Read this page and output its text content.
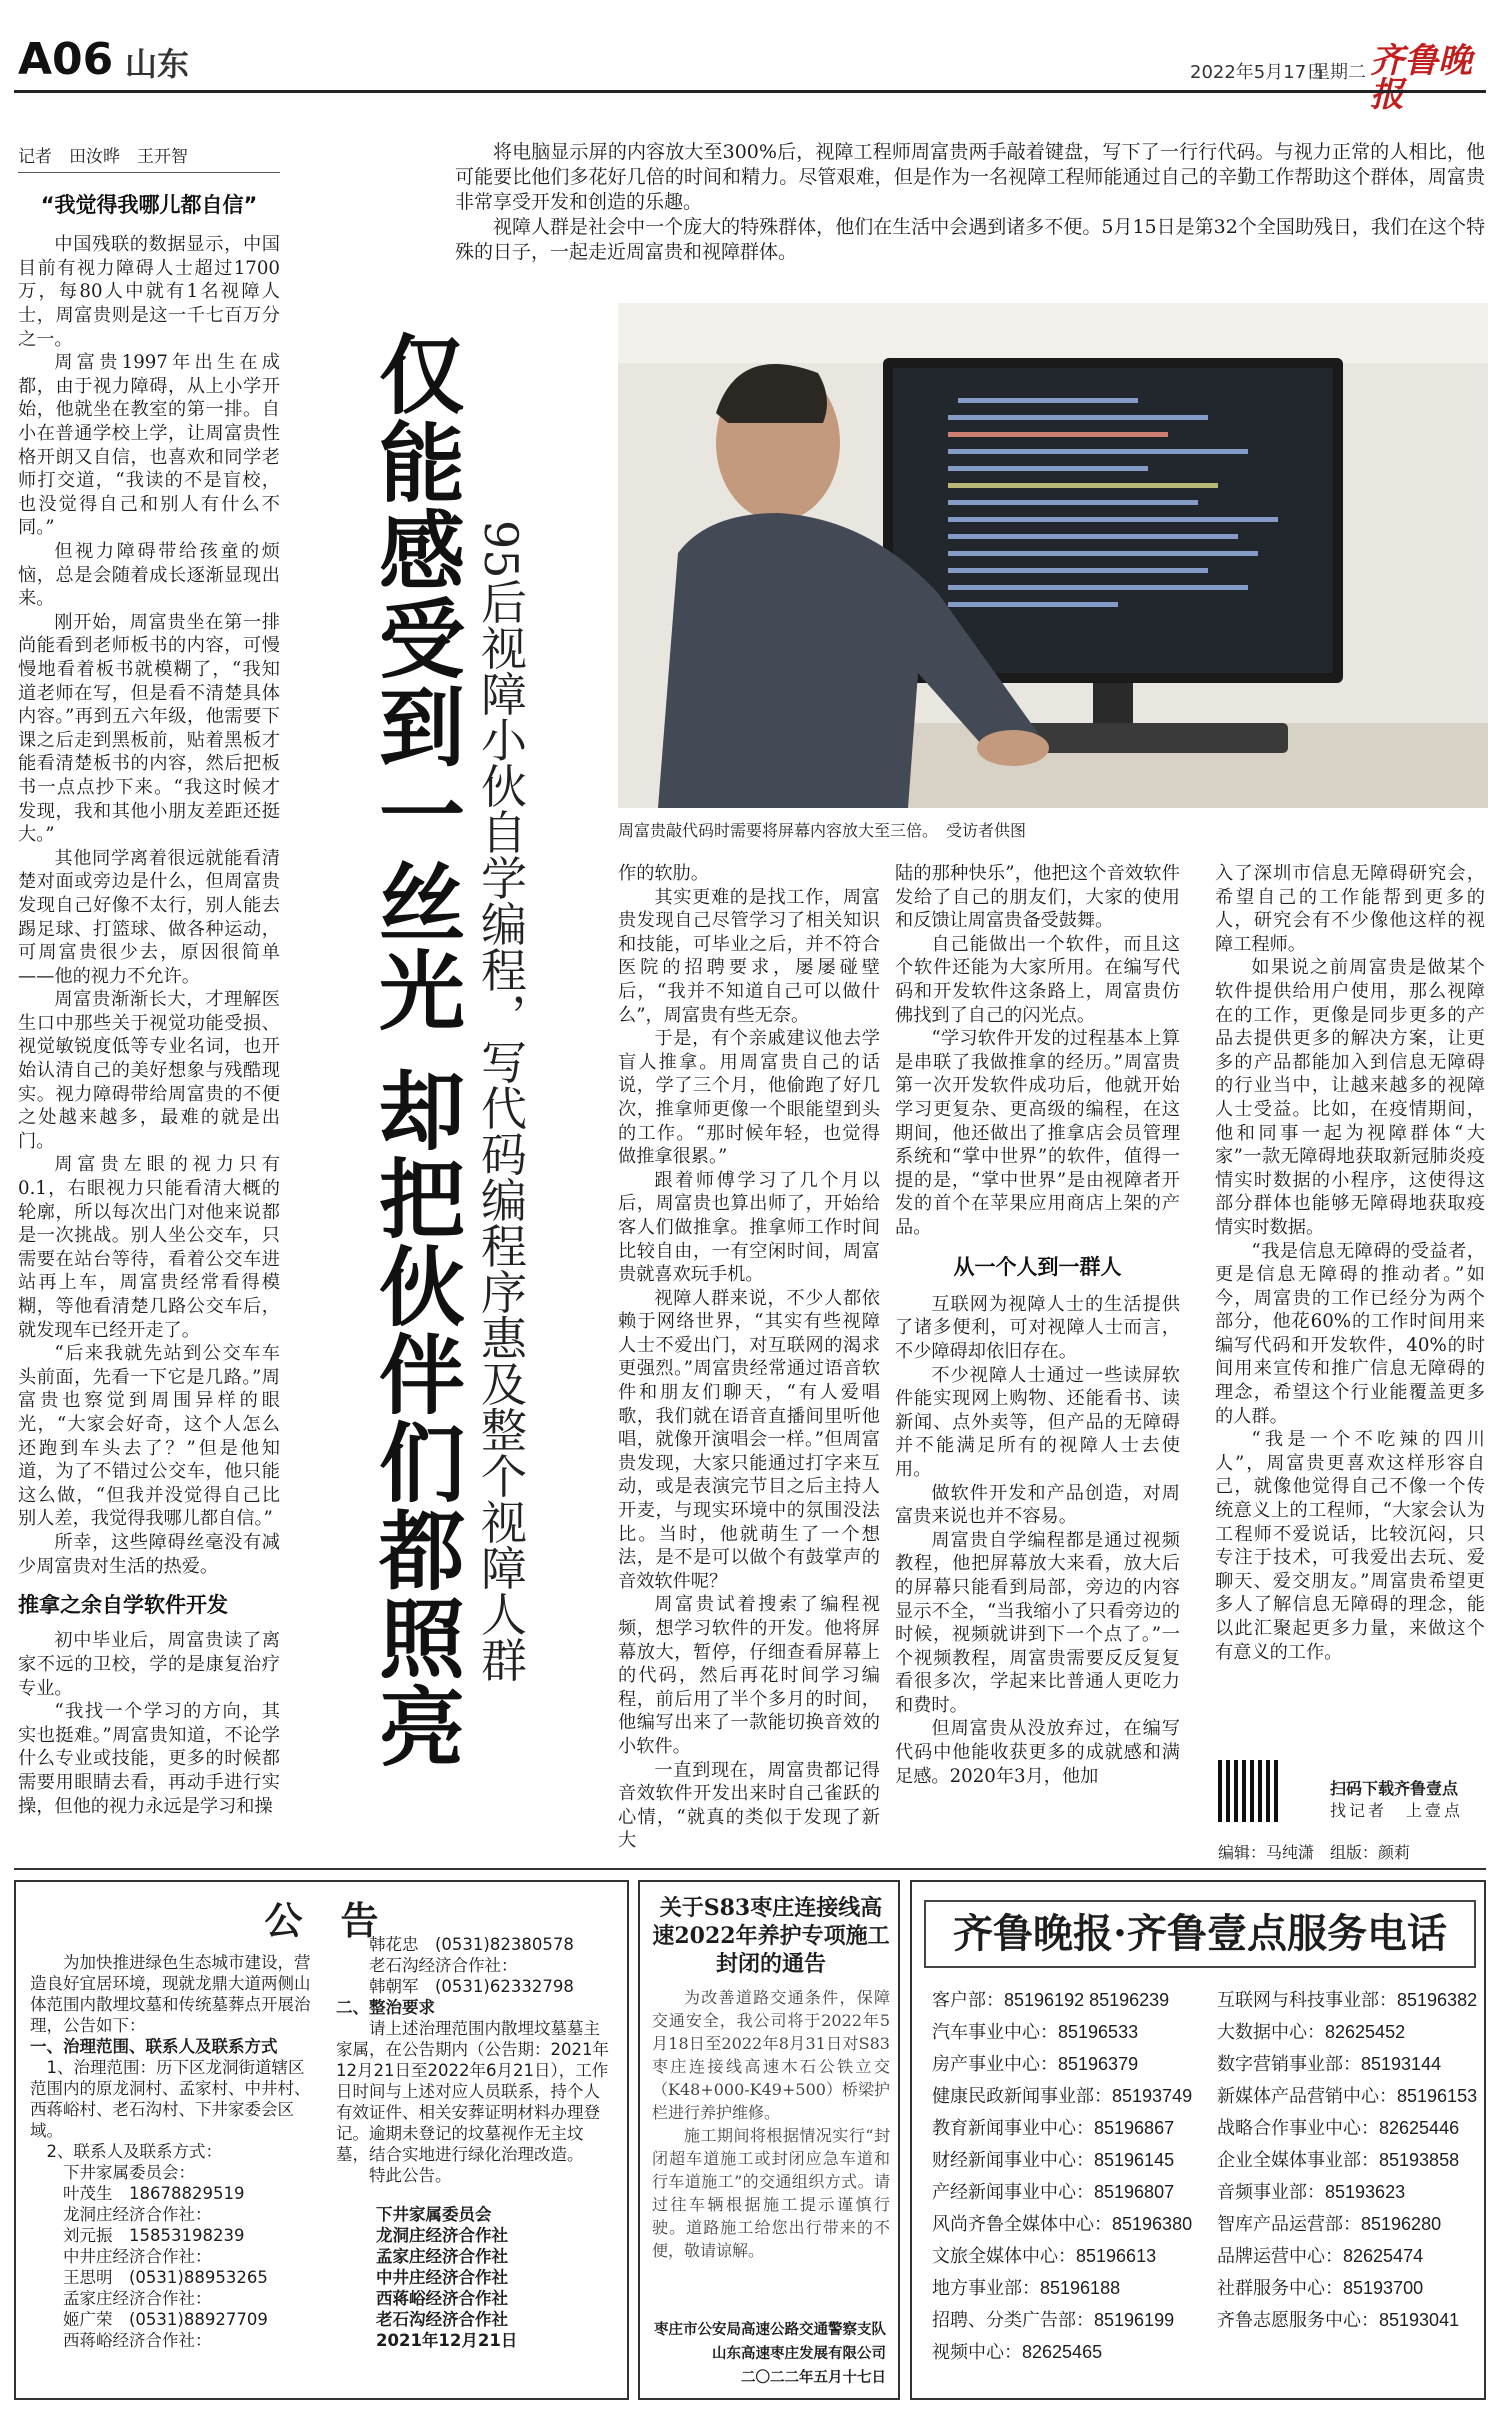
A06 山东	2022年5月17日
星期二 齐鲁晚报
记者　田汝晔　王开智	将电脑显示屏的内容放大至300%后，视障工程师周富贵两手敲着键盘，写下了一行行代码。与视力正常的人相比，他可能要比他们多花好几倍的时间和精力。尽管艰难，但是作为一名视障工程师能通过自己的辛勤工作帮助这个群体，周富贵非常享受开发和创造的乐趣。

视障人群是社会中一个庞大的特殊群体，他们在生活中会遇到诸多不便。5月15日是第32个全国助残日，我们在这个特殊的日子，一起走近周富贵和视障群体。

“我觉得我哪儿都自信”

中国残联的数据显示，中国目前有视力障碍人士超过1700万，每80人中就有1名视障人士，周富贵则是这一千七百万分之一。

周富贵1997年出生在成都，由于视力障碍，从上小学开始，他就坐在教室的第一排。自小在普通学校上学，让周富贵性格开朗又自信，也喜欢和同学老师打交道，“我读的不是盲校，也没觉得自己和别人有什么不同。”

但视力障碍带给孩童的烦恼，总是会随着成长逐渐显现出来。

刚开始，周富贵坐在第一排尚能看到老师板书的内容，可慢慢地看着板书就模糊了，“我知道老师在写，但是看不清楚具体内容。”再到五六年级，他需要下课之后走到黑板前，贴着黑板才能看清楚板书的内容，然后把板书一点点抄下来。“我这时候才发现，我和其他小朋友差距还挺大。”

其他同学离着很远就能看清楚对面或旁边是什么，但周富贵发现自己好像不太行，别人能去踢足球、打篮球、做各种运动，可周富贵很少去，原因很简单——他的视力不允许。

周富贵渐渐长大，才理解医生口中那些关于视觉功能受损、视觉敏锐度低等专业名词，也开始认清自己的美好想象与残酷现实。视力障碍带给周富贵的不便之处越来越多，最难的就是出门。

周富贵左眼的视力只有0.1，右眼视力只能看清大概的轮廓，所以每次出门对他来说都是一次挑战。别人坐公交车，只需要在站台等待，看着公交车进站再上车，周富贵经常看得模糊，等他看清楚几路公交车后，就发现车已经开走了。

“后来我就先站到公交车车头前面，先看一下它是几路。”周富贵也察觉到周围异样的眼光，“大家会好奇，这个人怎么还跑到车头去了？”但是他知道，为了不错过公交车，他只能这么做，“但我并没觉得自己比别人差，我觉得我哪儿都自信。”

所幸，这些障碍丝毫没有减少周富贵对生活的热爱。

推拿之余自学软件开发

初中毕业后，周富贵读了离家不远的卫校，学的是康复治疗专业。

“我找一个学习的方向，其实也挺难。”周富贵知道，不论学什么专业或技能，更多的时候都需要用眼睛去看，再动手进行实操，但他的视力永远是学习和操

仅能感受到一丝光 却把伙伴们都照亮 95后视障小伙自学编程，写代码编程序惠及整个视障人群	周富贵敲代码时需要将屏幕内容放大至三倍。　受访者供图

作的软肋。

其实更难的是找工作，周富贵发现自己尽管学习了相关知识和技能，可毕业之后，并不符合医院的招聘要求，屡屡碰壁后，“我并不知道自己可以做什么”，周富贵有些无奈。

于是，有个亲戚建议他去学盲人推拿。用周富贵自己的话说，学了三个月，他偷跑了好几次，推拿师更像一个眼能望到头的工作。“那时候年轻，也觉得做推拿很累。”

跟着师傅学习了几个月以后，周富贵也算出师了，开始给客人们做推拿。推拿师工作时间比较自由，一有空闲时间，周富贵就喜欢玩手机。

视障人群来说，不少人都依赖于网络世界，“其实有些视障人士不爱出门，对互联网的渴求更强烈。”周富贵经常通过语音软件和朋友们聊天，“有人爱唱歌，我们就在语音直播间里听他唱，就像开演唱会一样。”但周富贵发现，大家只能通过打字来互动，或是表演完节目之后主持人开麦，与现实环境中的氛围没法比。当时，他就萌生了一个想法，是不是可以做个有鼓掌声的音效软件呢？

周富贵试着搜索了编程视频，想学习软件的开发。他将屏幕放大，暂停，仔细查看屏幕上的代码，然后再花时间学习编程，前后用了半个多月的时间，他编写出来了一款能切换音效的小软件。

一直到现在，周富贵都记得音效软件开发出来时自己雀跃的心情，“就真的类似于发现了新大

陆的那种快乐”，他把这个音效软件发给了自己的朋友们，大家的使用和反馈让周富贵备受鼓舞。

自己能做出一个软件，而且这个软件还能为大家所用。在编写代码和开发软件这条路上，周富贵仿佛找到了自己的闪光点。

“学习软件开发的过程基本上算是串联了我做推拿的经历。”周富贵第一次开发软件成功后，他就开始学习更复杂、更高级的编程，在这期间，他还做出了推拿店会员管理系统和“掌中世界”的软件，值得一提的是，“掌中世界”是由视障者开发的首个在苹果应用商店上架的产品。

从一个人到一群人

互联网为视障人士的生活提供了诸多便利，可对视障人士而言，不少障碍却依旧存在。

不少视障人士通过一些读屏软件能实现网上购物、还能看书、读新闻、点外卖等，但产品的无障碍并不能满足所有的视障人士去使用。

做软件开发和产品创造，对周富贵来说也并不容易。

周富贵自学编程都是通过视频教程，他把屏幕放大来看，放大后的屏幕只能看到局部，旁边的内容显示不全，“当我缩小了只看旁边的时候，视频就讲到下一个点了。”一个视频教程，周富贵需要反反复复看很多次，学起来比普通人更吃力和费时。

但周富贵从没放弃过，在编写代码中他能收获更多的成就感和满足感。2020年3月，他加

入了深圳市信息无障碍研究会，希望自己的工作能帮到更多的人，研究会有不少像他这样的视障工程师。

如果说之前周富贵是做某个软件提供给用户使用，那么视障在的工作，更像是同步更多的产品去提供更多的解决方案，让更多的产品都能加入到信息无障碍的行业当中，让越来越多的视障人士受益。比如，在疫情期间，他和同事一起为视障群体“大家”一款无障碍地获取新冠肺炎疫情实时数据的小程序，这使得这部分群体也能够无障碍地获取疫情实时数据。

“我是信息无障碍的受益者，更是信息无障碍的推动者。”如今，周富贵的工作已经分为两个部分，他花60%的工作时间用来编写代码和开发软件，40%的时间用来宣传和推广信息无障碍的理念，希望这个行业能覆盖更多的人群。

“我是一个不吃辣的四川人”，周富贵更喜欢这样形容自己，就像他觉得自己不像一个传统意义上的工程师，“大家会认为工程师不爱说话，比较沉闷，只专注于技术，可我爱出去玩、爱聊天、爱交朋友。”周富贵希望更多人了解信息无障碍的理念，能以此汇聚起更多力量，来做这个有意义的工作。

扫码下载齐鲁壹点
找记者　上壹点
编辑：马纯潇　组版：颜莉
公　告

为加快推进绿色生态城市建设，营造良好宜居环境，现就龙鼎大道两侧山体范围内散埋坟墓和传统墓葬点开展治理，公告如下：

一、治理范围、联系人及联系方式

1、治理范围：历下区龙洞街道辖区范围内的原龙洞村、孟家村、中井村、西蒋峪村、老石沟村、下井家委会区域。

2、联系人及联系方式：

下井家属委员会：
叶茂生　18678829519
龙洞庄经济合作社：
刘元振　15853198239
中井庄经济合作社：
王思明　(0531)88953265
孟家庄经济合作社：
姬广荣　(0531)88927709
西蒋峪经济合作社：
韩花忠　(0531)82380578
老石沟经济合作社：
韩朝军　(0531)62332798

二、整治要求

请上述治理范围内散埋坟墓墓主家属，在公告期内（公告期：2021年12月21日至2022年6月21日），工作日时间与上述对应人员联系，持个人有效证件、相关安葬证明材料办理登记。逾期未登记的坟墓视作无主坟墓，结合实地进行绿化治理改造。

特此公告。

下井家属委员会
龙洞庄经济合作社
孟家庄经济合作社
中井庄经济合作社
西蒋峪经济合作社
老石沟经济合作社
2021年12月21日
关于S83枣庄连接线高速2022年养护专项施工封闭的通告

为改善道路交通条件，保障交通安全，我公司将于2022年5月18日至2022年8月31日对S83枣庄连接线高速木石公铁立交（K48+000-K49+500）桥梁护栏进行养护维修。

施工期间将根据情况实行“封闭超车道施工或封闭应急车道和行车道施工”的交通组织方式。请过往车辆根据施工提示谨慎行驶。道路施工给您出行带来的不便，敬请谅解。

枣庄市公安局高速公路交通警察支队
山东高速枣庄发展有限公司
二〇二二年五月十七日
齐鲁晚报·齐鲁壹点服务电话
客户部：85196192 85196239
汽车事业中心：85196533
房产事业中心：85196379
健康民政新闻事业部：85193749
教育新闻事业中心：85196867
财经新闻事业中心：85196145
产经新闻事业中心：85196807
风尚齐鲁全媒体中心：85196380
文旅全媒体中心：85196613
地方事业部：85196188
招聘、分类广告部：85196199
视频中心：82625465
互联网与科技事业部：85196382
大数据中心：82625452
数字营销事业部：85193144
新媒体产品营销中心：85196153
战略合作事业中心：82625446
企业全媒体事业部：85193858
音频事业部：85193623
智库产品运营部：85196280
品牌运营中心：82625474
社群服务中心：85193700
齐鲁志愿服务中心：85193041
